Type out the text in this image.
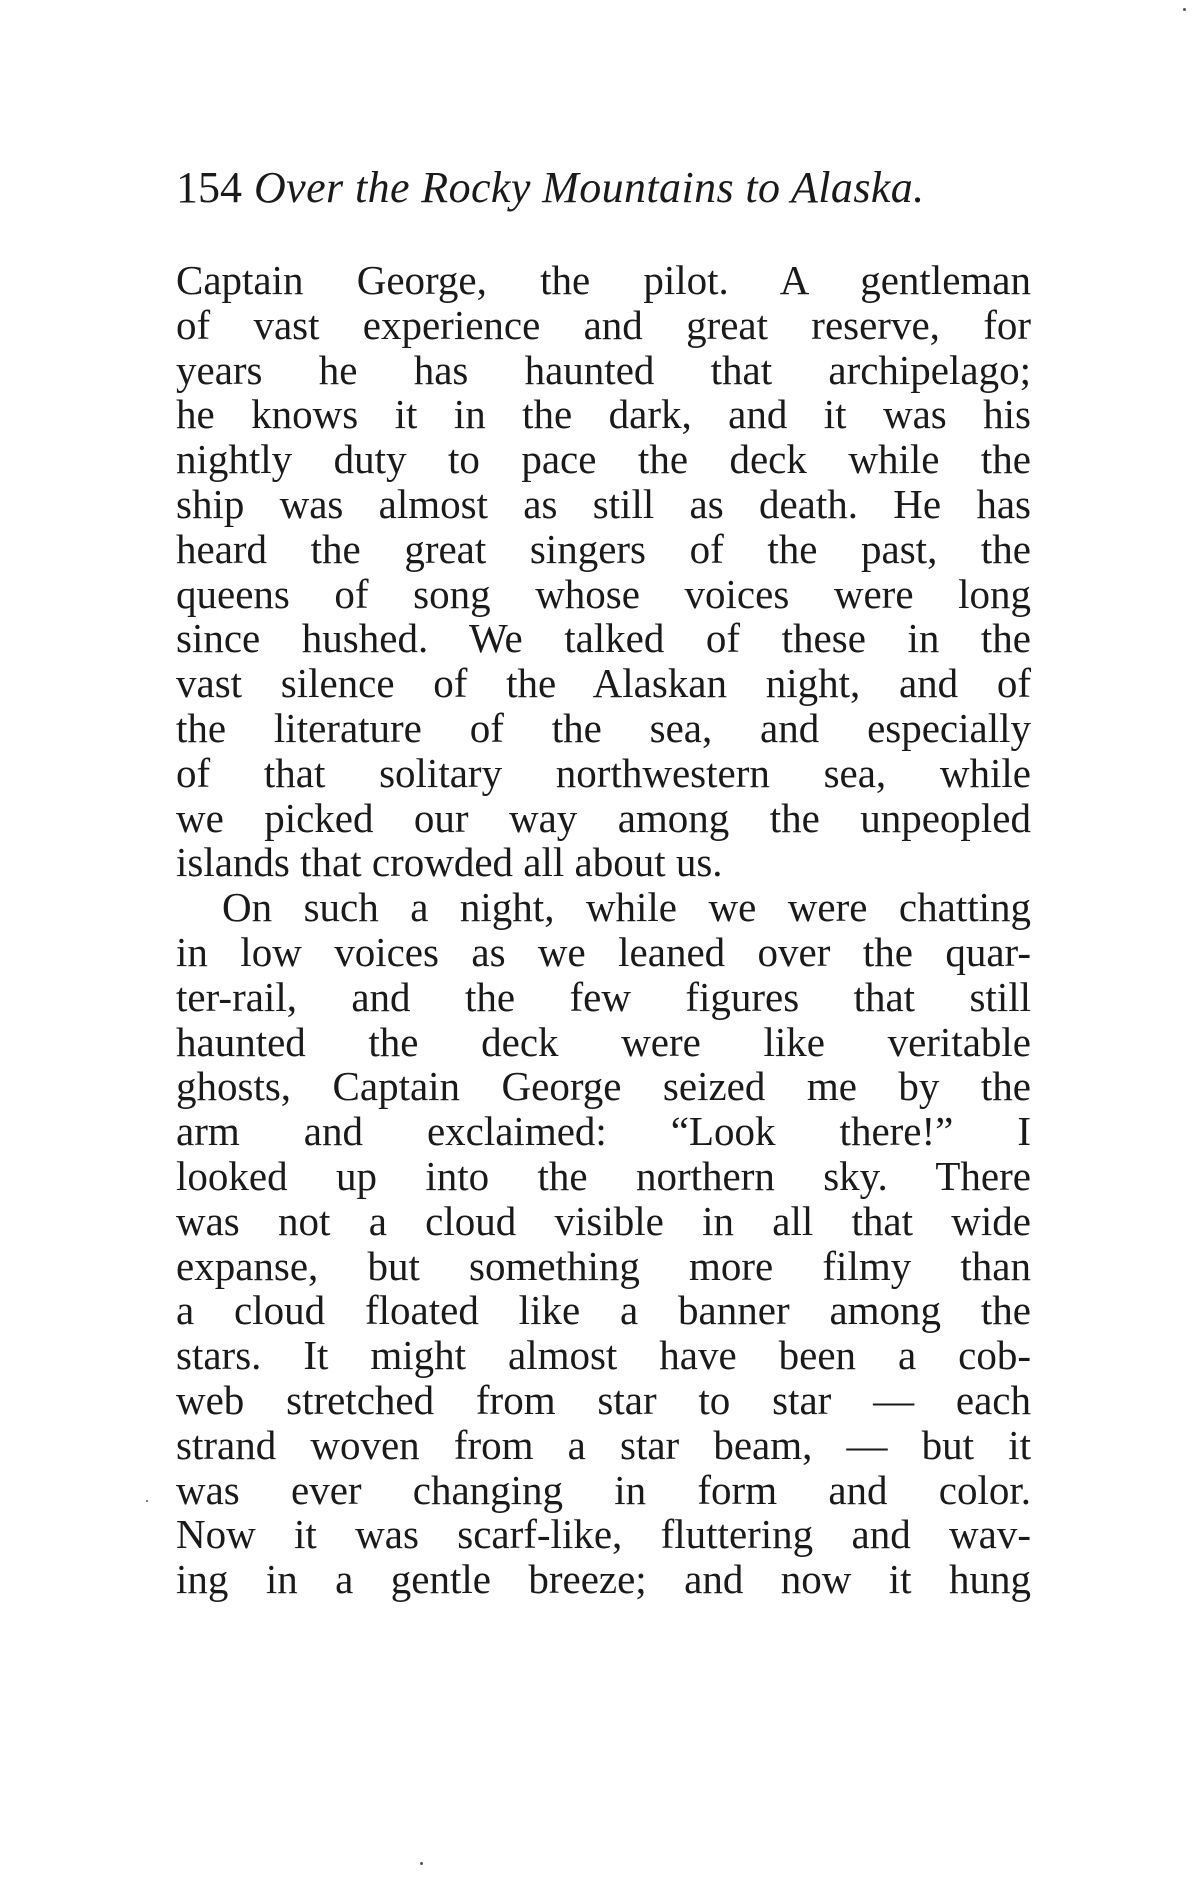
154 Over the Rocky Mountains to Alaska.
Captain George, the pilot. A gentleman
of vast experience and great reserve, for
years he has haunted that archipelago;
he knows it in the dark, and it was his
nightly duty to pace the deck while the
ship was almost as still as death. He has
heard the great singers of the past, the
queens of song whose voices were long
since hushed. We talked of these in the
vast silence of the Alaskan night, and of
the literature of the sea, and especially
of that solitary northwestern sea, while
we picked our way among the unpeopled
islands that crowded all about us.
On such a night, while we were chatting
in low voices as we leaned over the quar-
ter-rail, and the few figures that still
haunted the deck were like veritable
ghosts, Captain George seized me by the
arm and exclaimed: “Look there!” I
looked up into the northern sky. There
was not a cloud visible in all that wide
expanse, but something more filmy than
a cloud floated like a banner among the
stars. It might almost have been a cob-
web stretched from star to star — each
strand woven from a star beam, — but it
was ever changing in form and color.
Now it was scarf-like, fluttering and wav-
ing in a gentle breeze; and now it hung
